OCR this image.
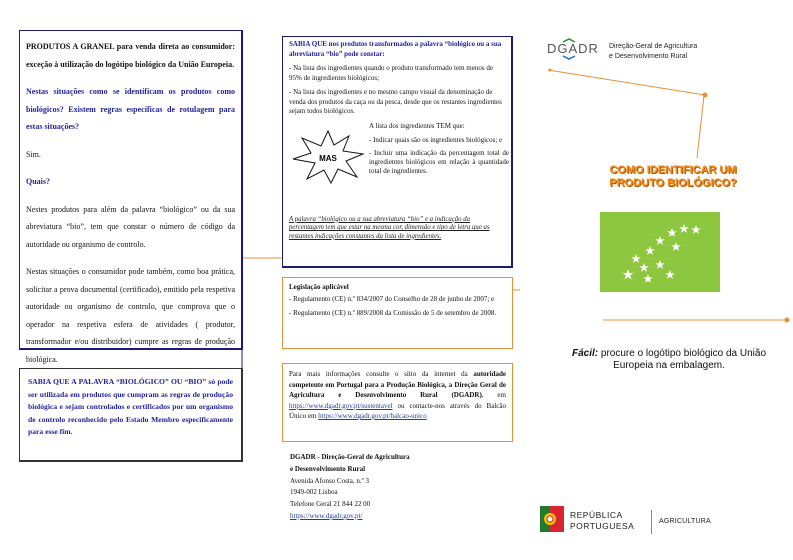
PRODUTOS A GRANEL para venda direta ao consumidor: exceção à utilização do logótipo biológico da União Europeia.

Nestas situações como se identificam os produtos como biológicos? Existem regras específicas de rotulagem para estas situações?

Sim.

Quais?

Nestes produtos para além da palavra “biológico” ou da sua abreviatura “bio”, tem que constar o número de código da autoridade ou organismo de controlo.

Nestas situações o consumidor pode também, como boa prática, solicitar a prova documental (certificado), emitido pela respetiva autoridade ou organismo de controlo, que comprova que o operador na respetiva esfera de atividades ( produtor, transformador e/ou distribuidor) cumpre as regras de produção biológica.

SABIA QUE A PALAVRA “BIOLÓGICO” OU “BIO” só pode ser utilizada em produtos que cumpram as regras de produção biológica e sejam controlados e certificados por um organismo de controlo reconhecido pelo Estado Membro especificamente para esse fim.

SABIA QUE nos produtos transformados a palavra “biológico ou a sua abreviatura “bio” pode constar:

- Na lista dos ingredientes quando o produto transformado tem menos de 95% de ingredientes biológicos;

- Na lista dos ingredientes e no mesmo campo visual da denominação de venda dos produtos da caça ou da pesca, desde que os restantes ingredientes sejam todos biológicos.

MAS
A lista dos ingredientes TEM que:
- Indicar quais são os ingredientes biológicos; e
- Incluir uma indicação da percentagem total de ingredientes biológicos em relação à quantidade total de ingredientes.
A palavra “biológico ou a sua abreviatura “bio” e a indicação da percentagem tem que estar na mesma cor, dimensão e tipo de letra que as restantes indicações constantes da lista de ingredientes.
Legislação aplicável

- Regulamento (CE) n.º 834/2007 do Conselho de 28 de junho de 2007; e

- Regulamento (CE) n.º 889/2008 da Comissão de 5 de setembro de 2008.

Para mais informações consulte o sítio da internet da autoridade competente em Portugal para a Produção Biológica, a Direção Geral de Agricultura e Desenvolvimento Rural (DGADR), em https://www.dgadr.gov.pt/sustentavel ou contacte-nos através do Balcão Único em https://www.dgadr.gov.pt/balcao-unico
DGADR - Direção-Geral de Agricultura
e Desenvolvimento Rural
Avenida Afonso Costa, n.º 3
1949-002 Lisboa
Telefone Geral 21 844 22 00
https://www.dgadr.gov.pt/
DGADR Direção-Geral de Agricultura
e Desenvolvimento Rural
COMO IDENTIFICAR UM
PRODUTO BIOLÓGICO?
Fácil: procure o logótipo biológico da União Europeia na embalagem.
REPÚBLICA
PORTUGUESA	AGRICULTURA
